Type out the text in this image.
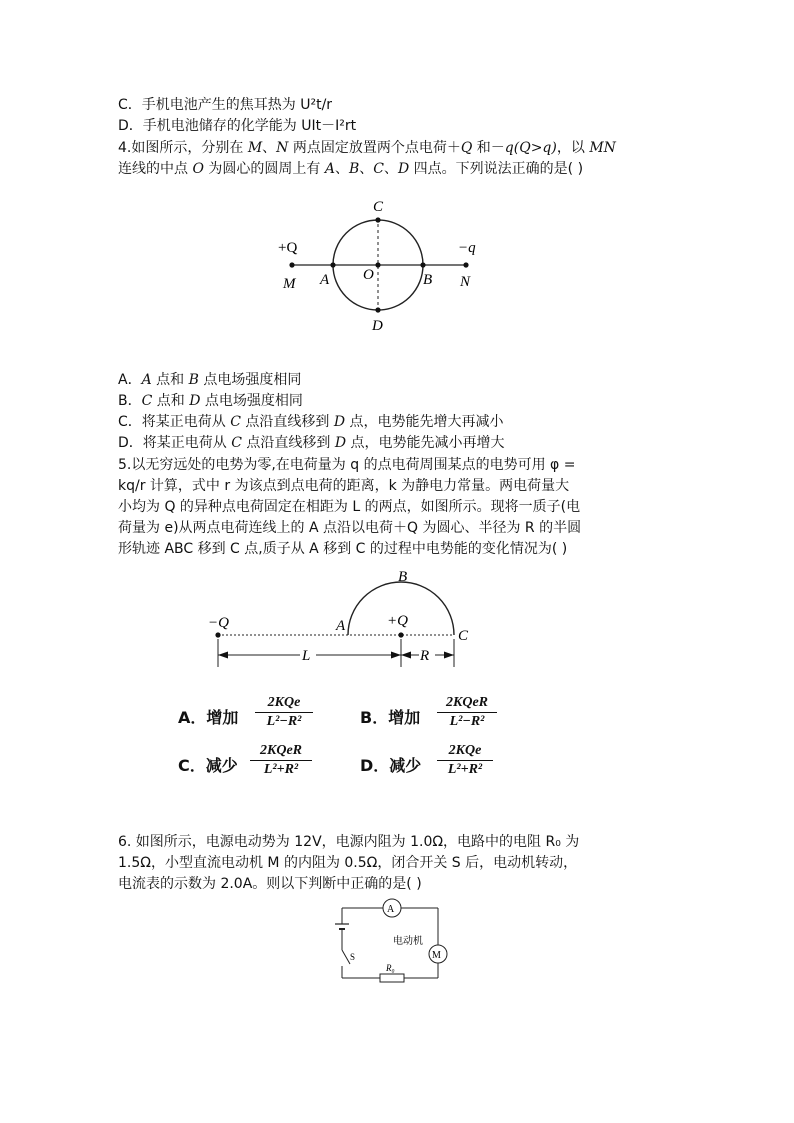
C．手机电池产生的焦耳热为 U²t/r
D．手机电池储存的化学能为 UIt－I²rt
4.如图所示，分别在 M、N 两点固定放置两个点电荷＋Q 和－q(Q>q)，以 MN
连线的中点 O 为圆心的圆周上有 A、B、C、D 四点。下列说法正确的是( )
+Q	−q
M	N
A O	B
C
D
A．A 点和 B 点电场强度相同
B．C 点和 D 点电场强度相同
C．将某正电荷从 C 点沿直线移到 D 点，电势能先增大再减小
D．将某正电荷从 C 点沿直线移到 D 点，电势能先减小再增大
5.以无穷远处的电势为零,在电荷量为 q 的点电荷周围某点的电势可用 φ =
kq/r 计算，式中 r 为该点到点电荷的距离，k 为静电力常量。两电荷量大
小均为 Q 的异种点电荷固定在相距为 L 的两点，如图所示。现将一质子(电
荷量为 e)从两点电荷连线上的 A 点沿以电荷＋Q 为圆心、半径为 R 的半圆
形轨迹 ABC 移到 C 点,质子从 A 移到 C 的过程中电势能的变化情况为( )
−Q	+Q
A
B
C
L	R
A．增加
2KQe
L²−R²	B．增加
2KQeR
L²−R²
C．减少
2KQeR
L²+R²	D．减少
2KQe
L²+R²
6. 如图所示，电源电动势为 12V，电源内阻为 1.0Ω，电路中的电阻 R₀ 为
1.5Ω，小型直流电动机 M 的内阻为 0.5Ω，闭合开关 S 后，电动机转动，
电流表的示数为 2.0A。则以下判断中正确的是( )
A
M
电动机
R₀
S
